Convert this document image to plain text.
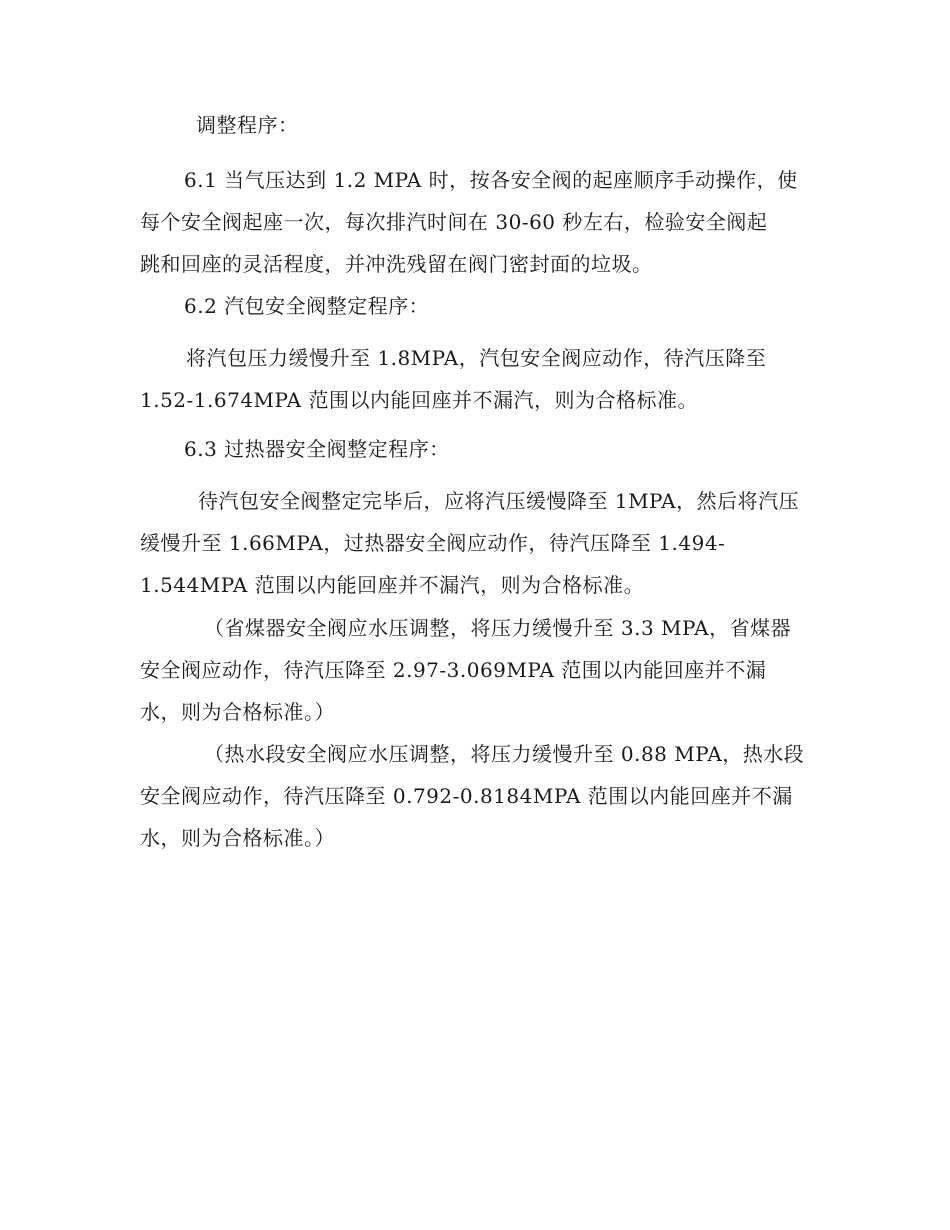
调整程序：

6.1 当气压达到 1.2 MPA 时，按各安全阀的起座顺序手动操作，使
每个安全阀起座一次，每次排汽时间在 30-60 秒左右，检验安全阀起
跳和回座的灵活程度，并冲洗残留在阀门密封面的垃圾。

6.2 汽包安全阀整定程序：

将汽包压力缓慢升至 1.8MPA，汽包安全阀应动作，待汽压降至
1.52-1.674MPA 范围以内能回座并不漏汽，则为合格标准。

6.3 过热器安全阀整定程序：

待汽包安全阀整定完毕后，应将汽压缓慢降至 1MPA，然后将汽压
缓慢升至 1.66MPA，过热器安全阀应动作，待汽压降至 1.494-
1.544MPA 范围以内能回座并不漏汽，则为合格标准。

（省煤器安全阀应水压调整，将压力缓慢升至 3.3 MPA，省煤器
安全阀应动作，待汽压降至 2.97-3.069MPA 范围以内能回座并不漏
水，则为合格标准。）

（热水段安全阀应水压调整，将压力缓慢升至 0.88 MPA，热水段
安全阀应动作，待汽压降至 0.792-0.8184MPA 范围以内能回座并不漏
水，则为合格标准。）
